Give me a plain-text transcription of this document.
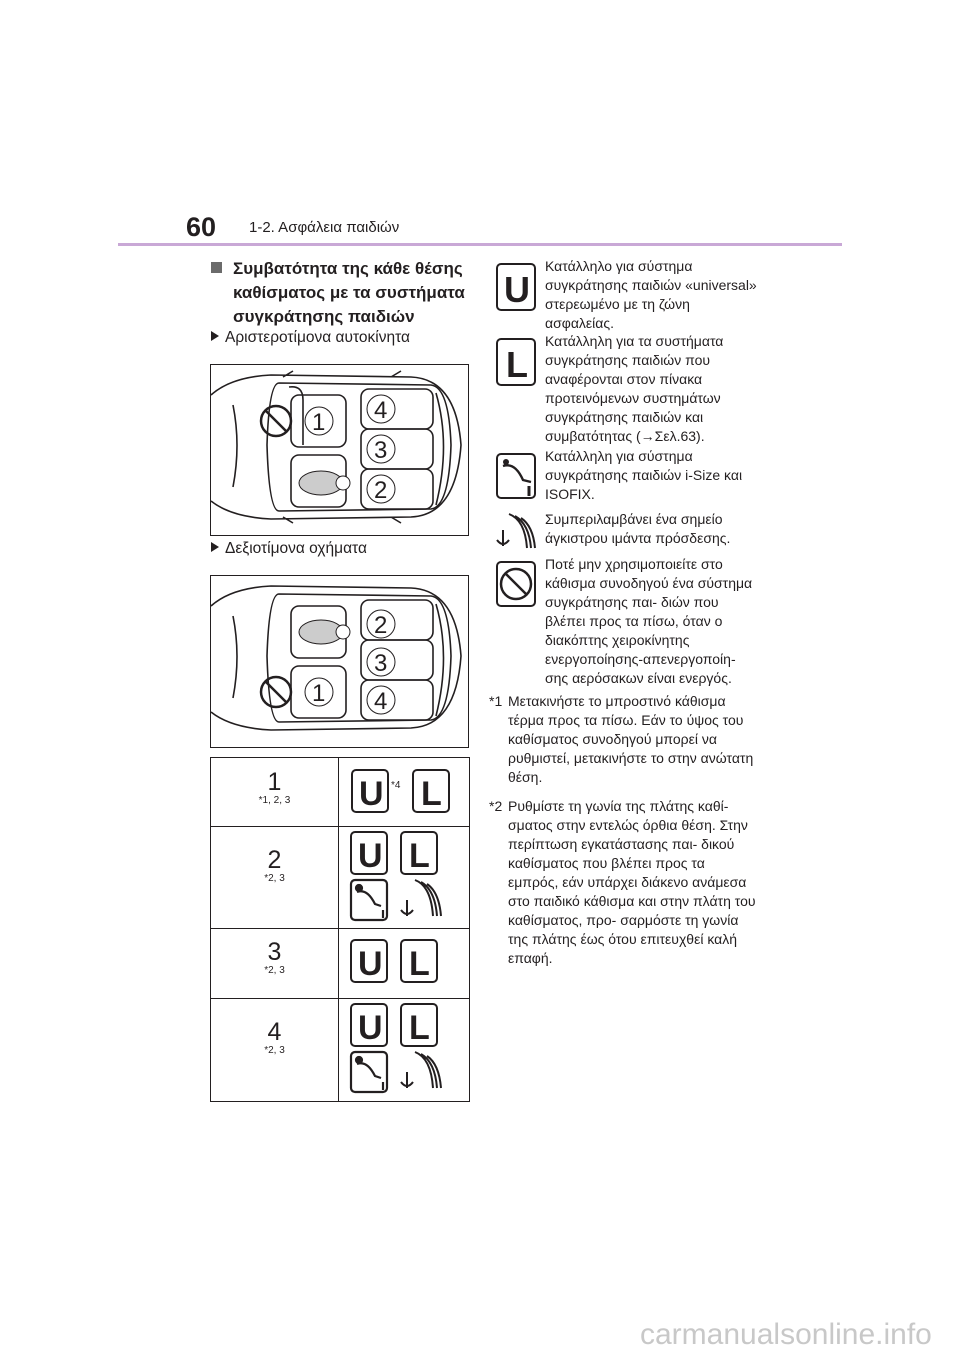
60 1-2. Ασφάλεια παιδιών
Συμβατότητα της κάθε θέσης καθίσματος με τα συστήματα συγκράτησης παιδιών
Αριστεροτίμονα αυτοκίνητα
1 4
3
2
Δεξιοτίμονα οχήματα
1
2
3
4
1
*1, 2, 3	U *4 L
2
*2, 3
U L
3
*2, 3	U L
4
*2, 3
U L
U
Κατάλληλο για σύστημα συγκράτησης παιδιών «universal» στερεωμένο με τη ζώνη ασφαλείας.
L
Κατάλληλη για τα συστήματα συγκράτησης παιδιών που αναφέρονται στον πίνακα προτεινόμενων συστημάτων συγκράτησης παιδιών και συμβατότητας (→Σελ.63).
Κατάλληλη για σύστημα συγκράτησης παιδιών i-Size και ISOFIX.
Συμπεριλαμβάνει ένα σημείο άγκιστρου ιμάντα πρόσδεσης.
Ποτέ μην χρησιμοποιείτε στο κάθισμα συνοδηγού ένα σύστημα συγκράτησης παι- διών που βλέπει προς τα πίσω, όταν ο διακόπτης χειροκίνητης ενεργοποίησης-απενεργοποίη- σης αερόσακων είναι ενεργός.
*1 Μετακινήστε το μπροστινό κάθισμα τέρμα προς τα πίσω. Εάν το ύψος του καθίσματος συνοδηγού μπορεί να ρυθμιστεί, μετακινήστε το στην ανώτατη θέση.
*2 Ρυθμίστε τη γωνία της πλάτης καθί- σματος στην εντελώς όρθια θέση. Στην περίπτωση εγκατάστασης παι- δικού καθίσματος που βλέπει προς τα εμπρός, εάν υπάρχει διάκενο ανάμεσα στο παιδικό κάθισμα και στην πλάτη του καθίσματος, προ- σαρμόστε τη γωνία της πλάτης έως ότου επιτευχθεί καλή επαφή.
carmanualsonline.info
